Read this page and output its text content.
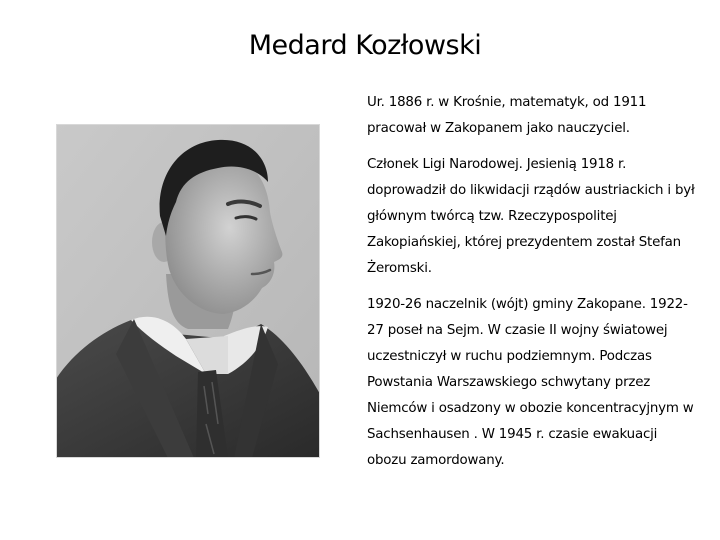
Medard Kozłowski

Ur. 1886 r. w Krośnie, matematyk, od 1911 pracował w Zakopanem jako nauczyciel.

Członek Ligi Narodowej. Jesienią 1918 r. doprowadził do likwidacji rządów austriackich i był głównym twórcą tzw. Rzeczypospolitej Zakopiańskiej, której prezydentem został Stefan Żeromski.

1920-26 naczelnik (wójt) gminy Zakopane. 1922-27 poseł na Sejm. W czasie II wojny światowej uczestniczył w ruchu podziemnym. Podczas Powstania Warszawskiego schwytany przez Niemców i osadzony w obozie koncentracyjnym w Sachsenhausen . W 1945 r. czasie ewakuacji obozu zamordowany.
